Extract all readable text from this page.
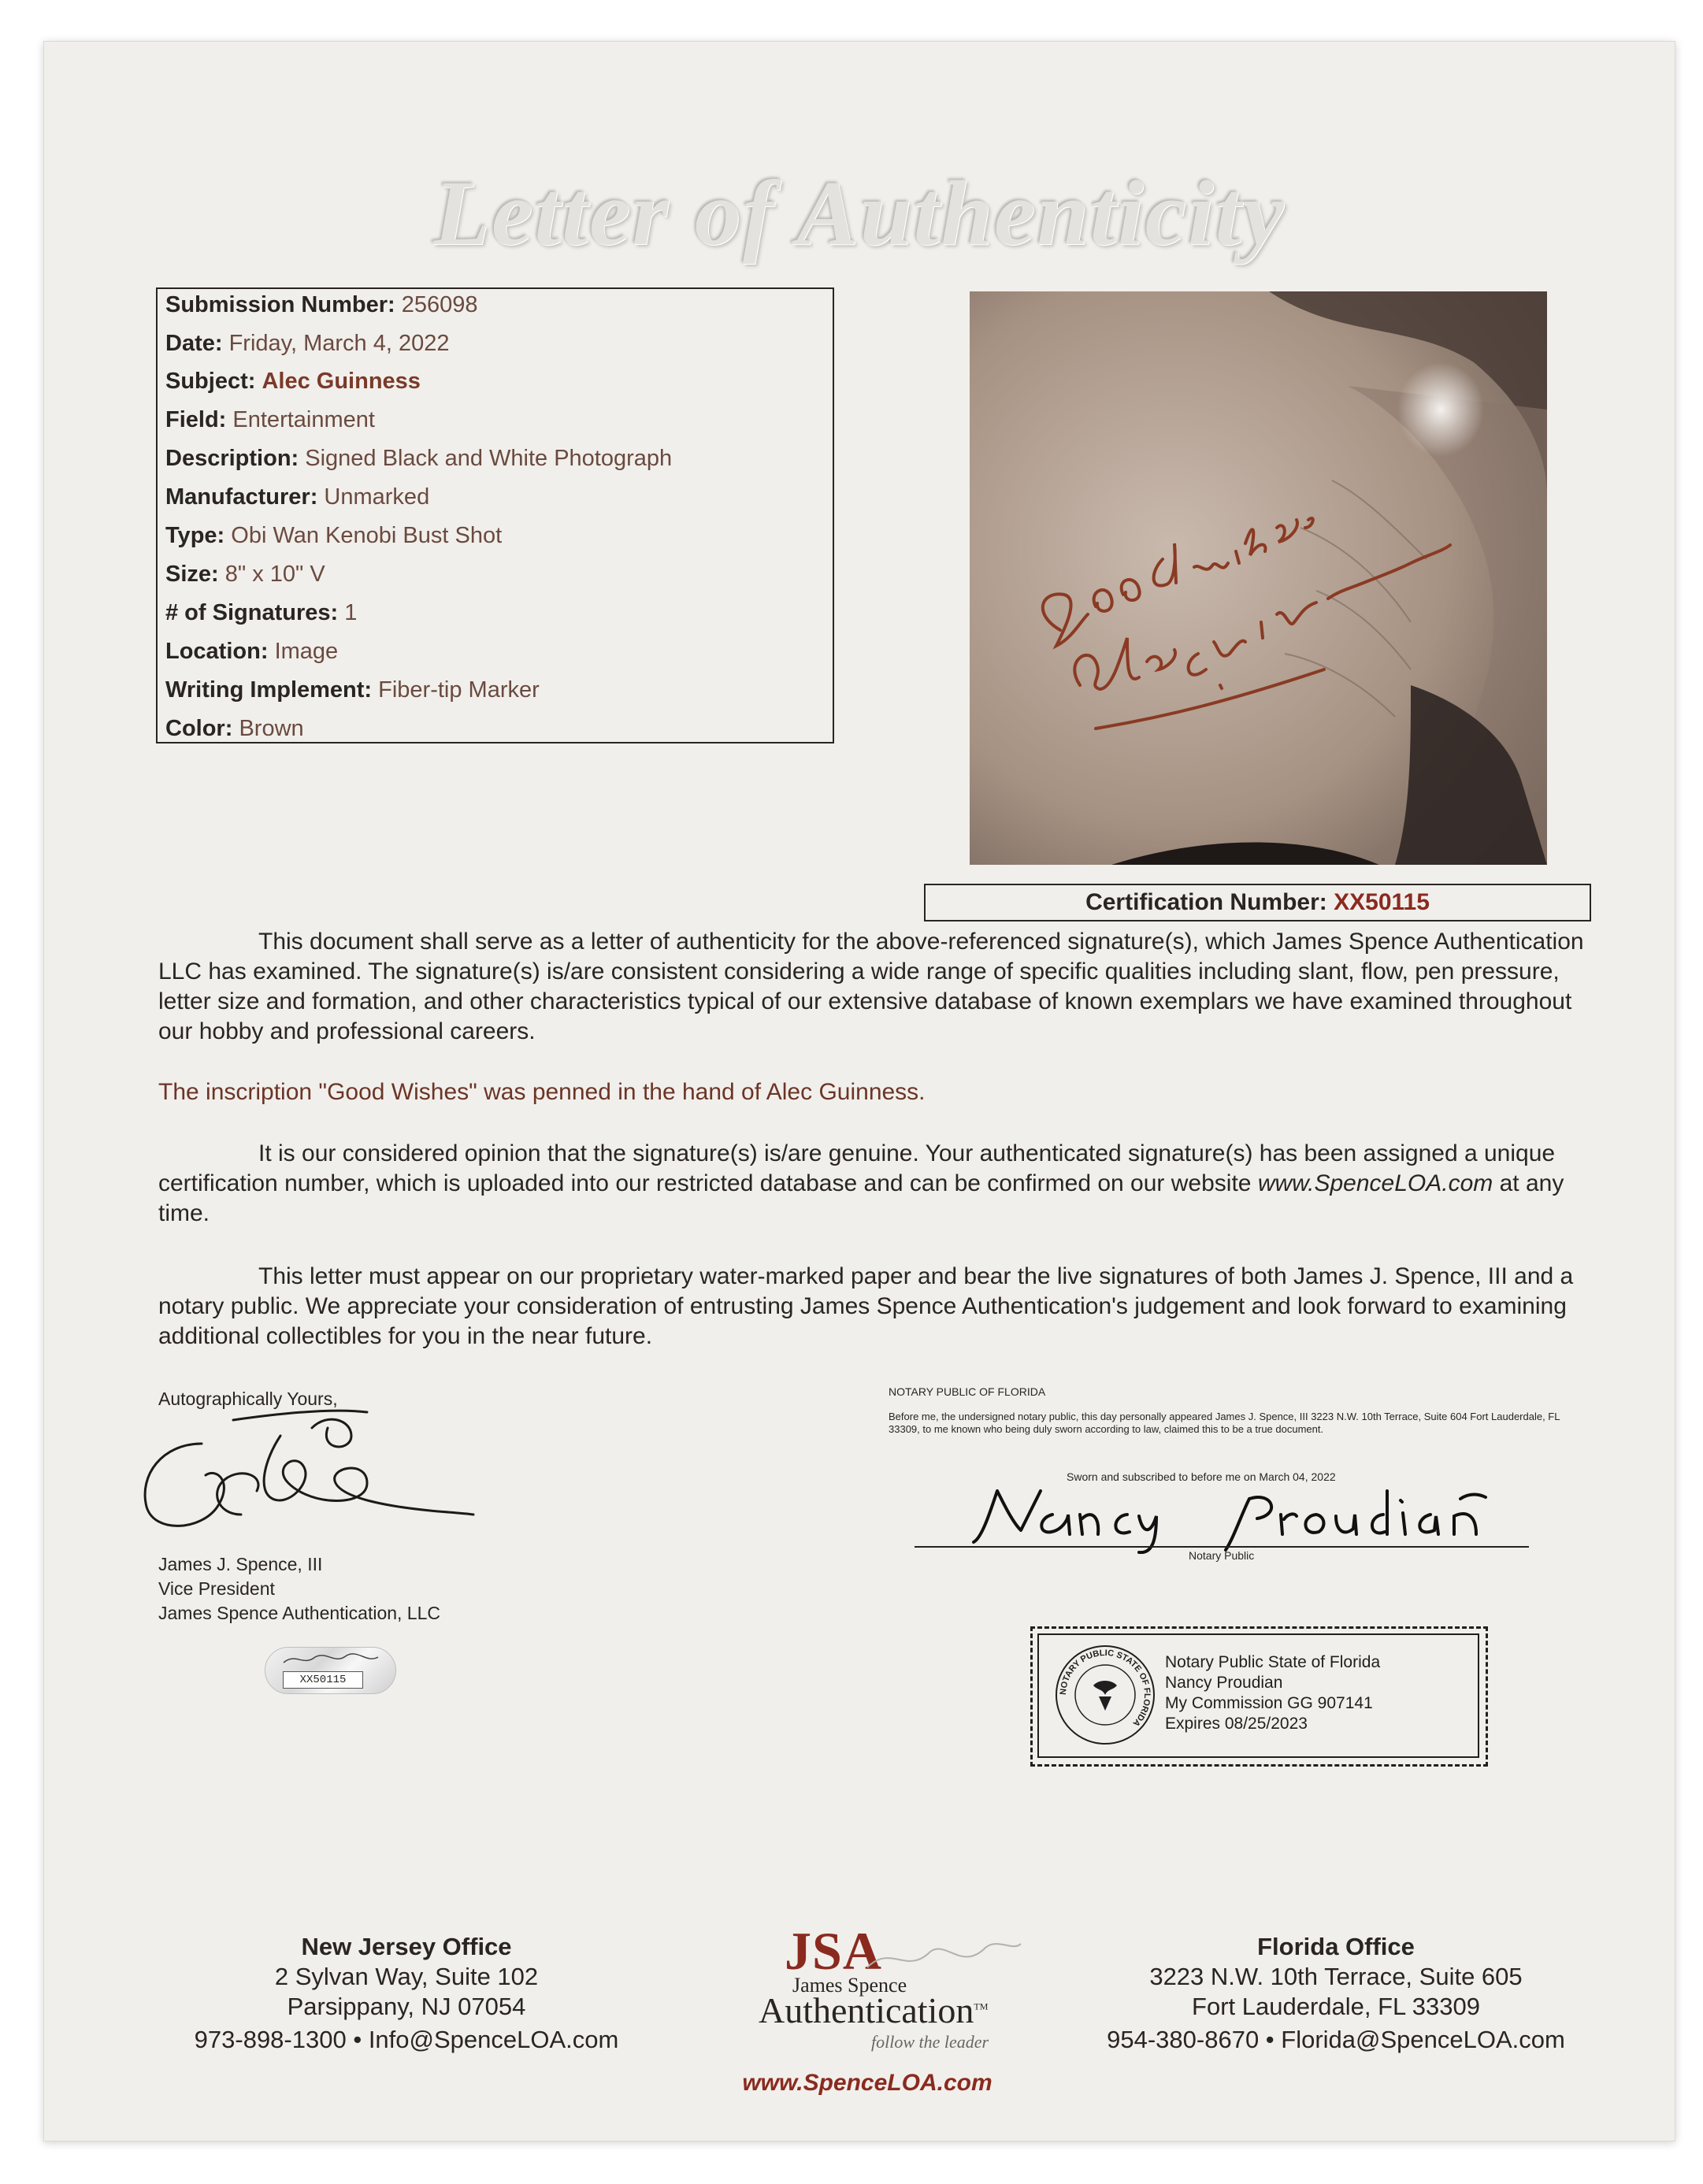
Letter of Authenticity
Submission Number: 256098
Date: Friday, March 4, 2022
Subject: Alec Guinness
Field: Entertainment
Description: Signed Black and White Photograph
Manufacturer: Unmarked
Type: Obi Wan Kenobi Bust Shot
Size: 8" x 10" V
# of Signatures: 1
Location: Image
Writing Implement: Fiber-tip Marker
Color: Brown
Certification Number: XX50115
This document shall serve as a letter of authenticity for the above-referenced signature(s), which James Spence Authentication LLC has examined. The signature(s) is/are consistent considering a wide range of specific qualities including slant, flow, pen pressure, letter size and formation, and other characteristics typical of our extensive database of known exemplars we have examined throughout our hobby and professional careers.
The inscription "Good Wishes" was penned in the hand of Alec Guinness.
It is our considered opinion that the signature(s) is/are genuine. Your authenticated signature(s) has been assigned a unique certification number, which is uploaded into our restricted database and can be confirmed on our website www.SpenceLOA.com at any time.
This letter must appear on our proprietary water-marked paper and bear the live signatures of both James J. Spence, III and a notary public. We appreciate your consideration of entrusting James Spence Authentication's judgement and look forward to examining additional collectibles for you in the near future.
Autographically Yours,
James J. Spence, III
Vice President
James Spence Authentication, LLC
XX50115
NOTARY PUBLIC OF FLORIDA
Before me, the undersigned notary public, this day personally appeared James J. Spence, III 3223 N.W. 10th Terrace, Suite 604 Fort Lauderdale, FL 33309, to me known who being duly sworn according to law, claimed this to be a true document.
Sworn and subscribed to before me on March 04, 2022
Notary Public
NOTARY PUBLIC STATE OF FLORIDA
Notary Public State of Florida
Nancy Proudian
My Commission GG 907141
Expires 08/25/2023
New Jersey Office
2 Sylvan Way, Suite 102
Parsippany, NJ 07054
973-898-1300 • Info@SpenceLOA.com
JSA
James Spence
Authentication™
follow the leader
www.SpenceLOA.com
Florida Office
3223 N.W. 10th Terrace, Suite 605
Fort Lauderdale, FL 33309
954-380-8670 • Florida@SpenceLOA.com
